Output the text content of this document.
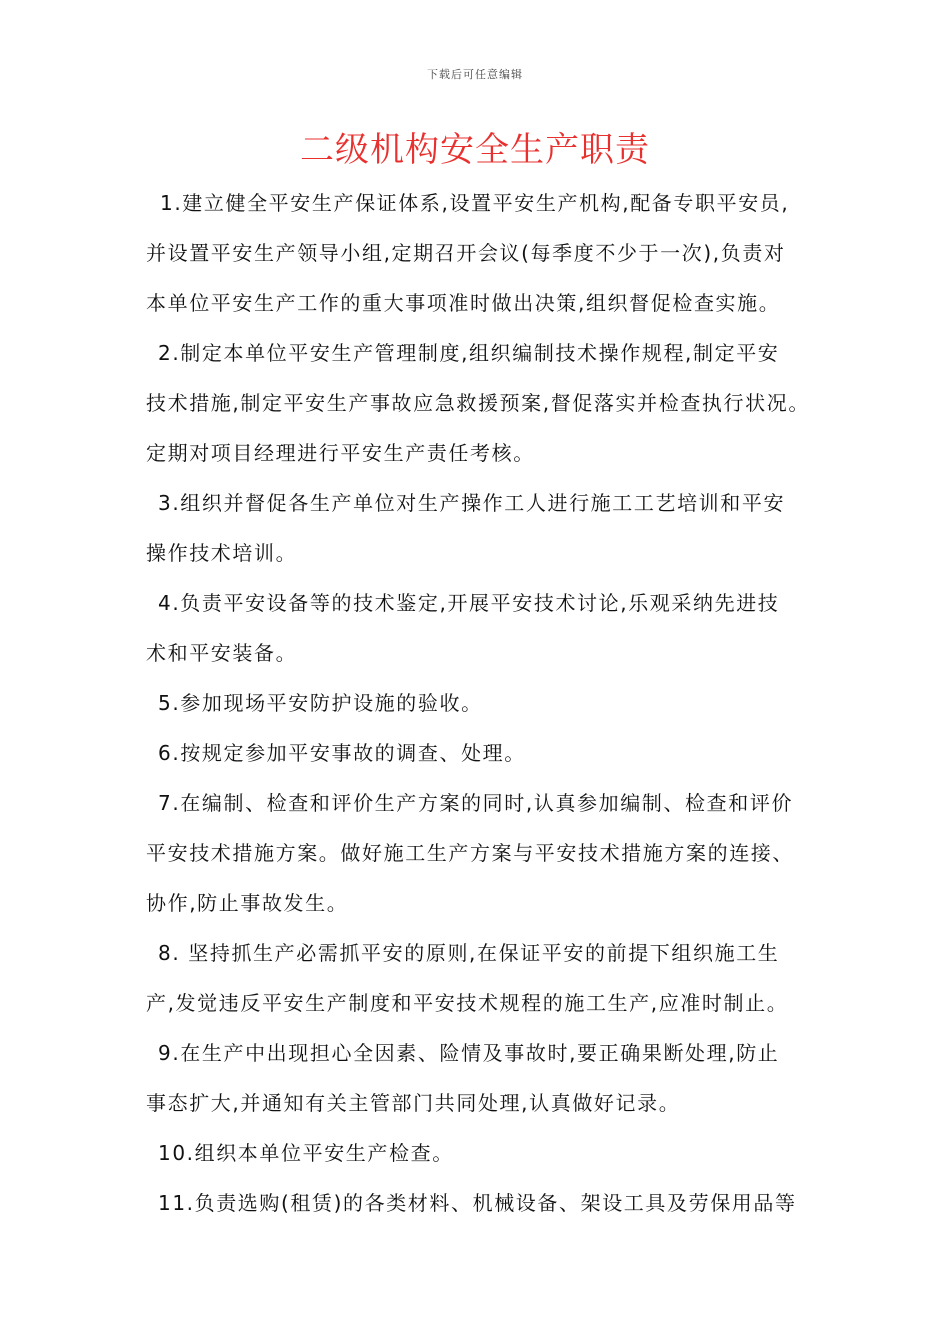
下载后可任意编辑
二级机构安全生产职责

1.建立健全平安生产保证体系,设置平安生产机构,配备专职平安员,
并设置平安生产领导小组,定期召开会议(每季度不少于一次),负责对
本单位平安生产工作的重大事项准时做出决策,组织督促检查实施。

2.制定本单位平安生产管理制度,组织编制技术操作规程,制定平安
技术措施,制定平安生产事故应急救援预案,督促落实并检查执行状况。
定期对项目经理进行平安生产责任考核。

3.组织并督促各生产单位对生产操作工人进行施工工艺培训和平安
操作技术培训。

4.负责平安设备等的技术鉴定,开展平安技术讨论,乐观采纳先进技
术和平安装备。

5.参加现场平安防护设施的验收。

6.按规定参加平安事故的调查、处理。

7.在编制、检查和评价生产方案的同时,认真参加编制、检查和评价
平安技术措施方案。做好施工生产方案与平安技术措施方案的连接、
协作,防止事故发生。

8. 坚持抓生产必需抓平安的原则,在保证平安的前提下组织施工生
产,发觉违反平安生产制度和平安技术规程的施工生产,应准时制止。

9.在生产中出现担心全因素、险情及事故时,要正确果断处理,防止
事态扩大,并通知有关主管部门共同处理,认真做好记录。

10.组织本单位平安生产检查。

11.负责选购(租赁)的各类材料、机械设备、架设工具及劳保用品等
